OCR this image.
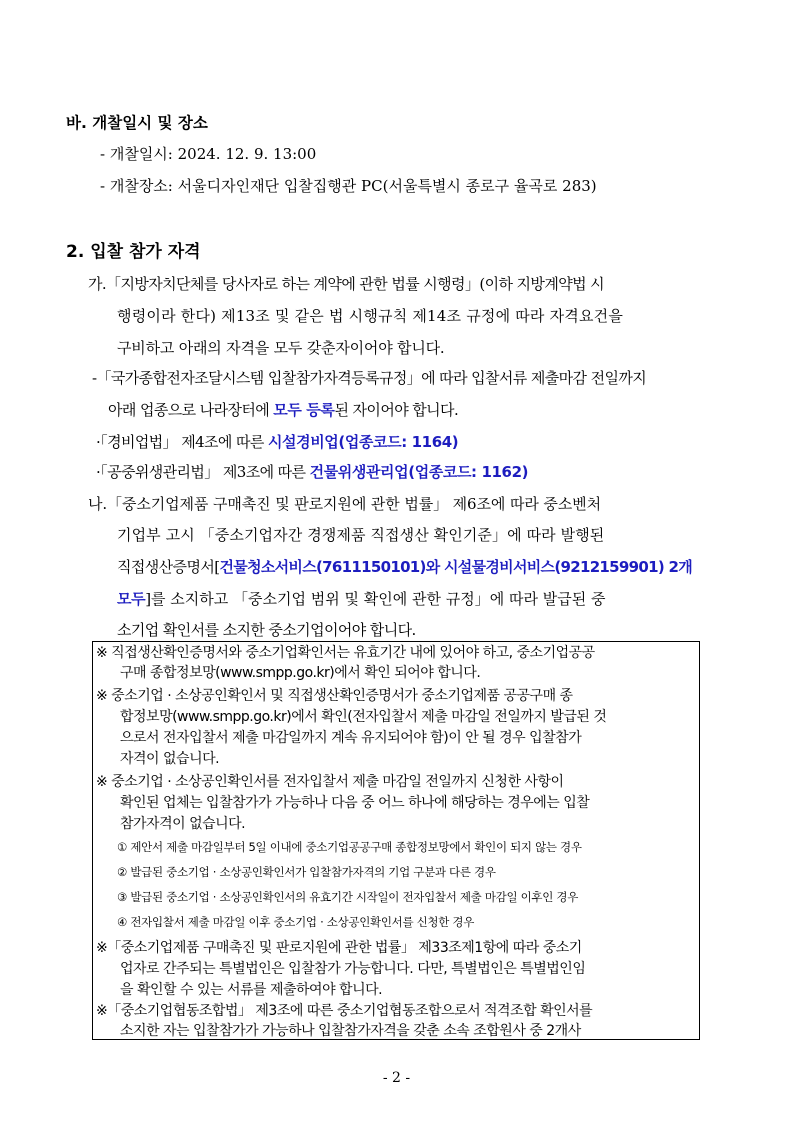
바. 개찰일시 및 장소
- 개찰일시: 2024. 12. 9. 13:00
- 개찰장소: 서울디자인재단 입찰집행관 PC(서울특별시 종로구 율곡로 283)
2. 입찰 참가 자격
가.「지방자치단체를 당사자로 하는 계약에 관한 법률 시행령」(이하 지방계약법 시
행령이라 한다) 제13조 및 같은 법 시행규칙 제14조 규정에 따라 자격요건을
구비하고 아래의 자격을 모두 갖춘자이어야 합니다.
-「국가종합전자조달시스템 입찰참가자격등록규정」에 따라 입찰서류 제출마감 전일까지
아래 업종으로 나라장터에 모두 등록된 자이어야 합니다.
·「경비업법」 제4조에 따른 시설경비업(업종코드: 1164)
·「공중위생관리법」 제3조에 따른 건물위생관리업(업종코드: 1162)
나.「중소기업제품 구매촉진 및 판로지원에 관한 법률」 제6조에 따라 중소벤처
기업부 고시 「중소기업자간 경쟁제품 직접생산 확인기준」에 따라 발행된
직접생산증명서[건물청소서비스(7611150101)와 시설물경비서비스(9212159901) 2개
모두]를 소지하고 「중소기업 범위 및 확인에 관한 규정」에 따라 발급된 중
소기업 확인서를 소지한 중소기업이어야 합니다.
※ 직접생산확인증명서와 중소기업확인서는 유효기간 내에 있어야 하고, 중소기업공공
구매 종합정보망(www.smpp.go.kr)에서 확인 되어야 합니다.
※ 중소기업 · 소상공인확인서 및 직접생산확인증명서가 중소기업제품 공공구매 종
합정보망(www.smpp.go.kr)에서 확인(전자입찰서 제출 마감일 전일까지 발급된 것
으로서 전자입찰서 제출 마감일까지 계속 유지되어야 함)이 안 될 경우 입찰참가
자격이 없습니다.
※ 중소기업 · 소상공인확인서를 전자입찰서 제출 마감일 전일까지 신청한 사항이
확인된 업체는 입찰참가가 가능하나 다음 중 어느 하나에 해당하는 경우에는 입찰
참가자격이 없습니다.
① 제안서 제출 마감일부터 5일 이내에 중소기업공공구매 종합정보망에서 확인이 되지 않는 경우
② 발급된 중소기업 · 소상공인확인서가 입찰참가자격의 기업 구분과 다른 경우
③ 발급된 중소기업 · 소상공인확인서의 유효기간 시작일이 전자입찰서 제출 마감일 이후인 경우
④ 전자입찰서 제출 마감일 이후 중소기업 · 소상공인확인서를 신청한 경우
※「중소기업제품 구매촉진 및 판로지원에 관한 법률」 제33조제1항에 따라 중소기
업자로 간주되는 특별법인은 입찰참가 가능합니다. 다만, 특별법인은 특별법인임
을 확인할 수 있는 서류를 제출하여야 합니다.
※「중소기업협동조합법」 제3조에 따른 중소기업협동조합으로서 적격조합 확인서를
소지한 자는 입찰참가가 가능하나 입찰참가자격을 갖춘 소속 조합원사 중 2개사
- 2 -
